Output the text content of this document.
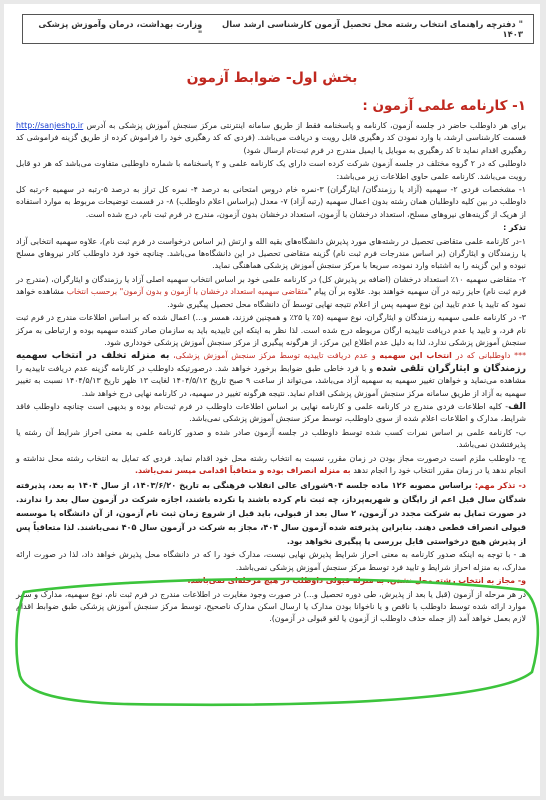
" دفترچه راهنمای انتخاب رشته محل تحصیل آزمون کارشناسی ارشد سال ۱۴۰۳
وزارت بهداشت، درمان وآموزش پزشکی "
بخش اول- ضوابط آزمون
۱- کارنامه علمی آزمون :

برای هر داوطلب حاضر در جلسه آزمون، کارنامه و پاسخنامه فقط از طریق سامانه اینترنتی مرکز سنجش آموزش پزشکی به آدرس http://sanjeshp.ir قسمت کارشناسی ارشد، با وارد نمودن کد رهگیری قابل رویت و دریافت می‌باشد. (فردی که کد رهگیری خود را فراموش کرده از طریق گزینه فراموشی کد رهگیری اقدام نماید تا کد رهگیری به موبایل یا ایمیل مندرج در فرم ثبت‌نام ارسال شود)

داوطلبی که در ۲ گروه مختلف در جلسه آزمون شرکت کرده است دارای یک کارنامه علمی و ۲ پاسخنامه با شماره داوطلبی متفاوت می‌باشد که هر دو قابل رویت می‌باشد. کارنامه علمی حاوی اطلاعات زیر می‌باشد:

۱- مشخصات فردی ۲- سهمیه (آزاد یا رزمندگان/ ایثارگران) ۳-نمره خام دروس امتحانی به درصد ۴- نمره کل تراز به درصد ۵-رتبه در سهمیه ۶-رتبه کل داوطلب در بین کلیه داوطلبان همان رشته بدون اعمال سهمیه (رتبه آزاد) ۷- معدل (براساس اعلام داوطلب) ۸- در قسمت توضیحات مربوط به موارد استفاده از هریک از گزینه‌های نیروهای مسلح، استعداد درخشان با آزمون، استعداد درخشان بدون آزمون، مندرج در فرم ثبت نام، درج شده است.

تذکر :

۱-در کارنامه علمی متقاضی تحصیل در رشته‌های مورد پذیرش دانشگاه‌های بقیه الله و ارتش (بر اساس درخواست در فرم ثبت نام)، علاوه سهمیه انتخابی آزاد یا رزمندگان و ایثارگران (بر اساس مندرجات فرم ثبت نام) گزینه متقاضی تحصیل در این دانشگاه‌ها می‌باشد. چنانچه خود فرد داوطلب کادر نیروهای مسلح نبوده و این گزینه را به اشتباه وارد نموده، سریعا با مرکز سنجش آموزش پزشکی هماهنگی نماید.

۲- متقاضی سهمیه ۱۰٪ استعداد درخشان (اضافه بر پذیرش کل) در کارنامه علمی خود بر اساس انتخاب سهمیه اصلی آزاد یا رزمندگان و ایثارگران، (مندرج در فرم ثبت نام) حایز رتبه در آن سهمیه خواهند بود. علاوه بر آن پیام "متقاضی سهمیه استعداد درخشان با آزمون و بدون آزمون" برحسب انتخاب مشاهده خواهد نمود که تایید یا عدم تایید این نوع سهمیه پس از اعلام نتیجه نهایی توسط آن دانشگاه محل تحصیل پیگیری شود.

۳- در کارنامه علمی سهمیه رزمندگان و ایثارگران، نوع سهمیه (۵٪ یا ۲۵٪ و همچنین فرزند، همسر و...) اعمال شده که بر اساس اطلاعات مندرج در فرم ثبت نام فرد، و تایید یا عدم دریافت تاییدیه ارگان مربوطه درج شده است. لذا نظر به اینکه این تاییدیه باید به سازمان صادر کننده سهمیه بوده و ارتباطی به مرکز سنجش آموزش پزشکی ندارد، لذا به دلیل عدم اطلاع این مرکز، از هرگونه پیگیری از مرکز سنجش آموزش پزشکی خودداری شود.

*** داوطلبانی که در انتخاب این سهمیه و عدم دریافت تاییدیه توسط مرکز سنجش آموزش پزشکی، به منزله تخلف در انتخاب سهمیه رزمندگان و ایثارگران تلقی شده و با فرد خاطی طبق ضوابط برخورد خواهد شد. درصورتیکه داوطلب در کارنامه گزینه عدم دریافت تاییدیه را مشاهده می‌نماید و خواهان تغییر سهمیه به سهمیه آزاد می‌باشد، می‌تواند از ساعت ۹ صبح تاریخ ۱۴۰۴/۵/۱۲ لغایت ۱۳ ظهر تاریخ ۱۴۰۴/۵/۱۳ نسبت به تغییر سهمیه به آزاد از طریق سامانه مرکز سنجش آموزش پزشکی اقدام نماید. نتیجه هرگونه تغییر در سهمیه، در کارنامه نهایی درج خواهد شد.

الف- کلیه اطلاعات فردی مندرج در کارنامه علمی و کارنامه نهایی بر اساس اطلاعات داوطلب در فرم ثبت‌نام بوده و بدیهی است چنانچه داوطلب فاقد شرایط، مدارک و اطلاعات اعلام شده از سوی داوطلب، توسط مرکز سنجش آموزش پزشکی نمی‌باشد.

ب- کارنامه علمی بر اساس نمرات کسب شده توسط داوطلب در جلسه آزمون صادر شده و صدور کارنامه علمی به معنی احراز شرایط آن رشته یا پذیرفتشدن نمی‌باشد.

ج- داوطلب ملزم است درصورت مجاز بودن در زمان مقرر، نسبت به انتخاب رشته محل خود اقدام نماید. فردی که تمایل به انتخاب رشته محل نداشته و انجام ندهد یا در زمان مقرر انتخاب خود را انجام ندهد به منزله انصراف بوده و متعاقباً اقدامی میسر نمی‌باشد.

د- تذکر مهم: براساس مصوبه ۱۲۶ ماده جلسه ۹۰۴شورای عالی انقلاب فرهنگی به تاریخ ۱۴۰۳/۶/۲۰، از سال ۱۴۰۴ به بعد، پذیرفته شدگان سال قبل اعم از رایگان و شهریه‌پرداز، چه ثبت نام کرده باشند یا نکرده باشند، اجازه شرکت در آزمون سال بعد را ندارند. در صورت تمایل به شرکت مجدد در آزمون، ۲ سال بعد از قبولی، باید قبل از شروع زمان ثبت نام آزمون، از آن دانشگاه یا موسسه قبولی انصراف قطعی دهند. بنابراین پذیرفته شده آزمون سال ۴۰۴، مجاز به شرکت در آزمون سال ۴۰۵ نمی‌باشند. لذا متعاقباً پس از پذیرش هیچ درخواستی قابل بررسی یا پیگیری نخواهد بود.

هـ - با توجه به اینکه صدور کارنامه به معنی احراز شرایط پذیرش نهایی نیست، مدارک خود را که در دانشگاه محل پذیرش خواهد داد، لذا در صورت ارائه مدارک، به منزله احراز شرایط و تایید فرد توسط مرکز سنجش آموزش پزشکی نمی‌باشد.

و- مجاز به انتخاب رشته محل نشدن، به منزله قبولی داوطلب در هیچ مرحله‌ای نمی‌باشد.

در هر مرحله از آزمون (قبل یا بعد از پذیرش، طی دوره تحصیل و...) در صورت وجود مغایرت در اطلاعات مندرج در فرم ثبت نام، نوع سهمیه، مدارک و سایر موارد ارائه شده توسط داوطلب با ناقص و یا ناخوانا بودن مدارک یا ارسال اسکن مدارک ناصحیح، توسط مرکز سنجش آموزش پزشکی طبق ضوابط اقدام لازم بعمل خواهد آمد (از جمله حذف داوطلب از آزمون یا لغو قبولی در آزمون).
